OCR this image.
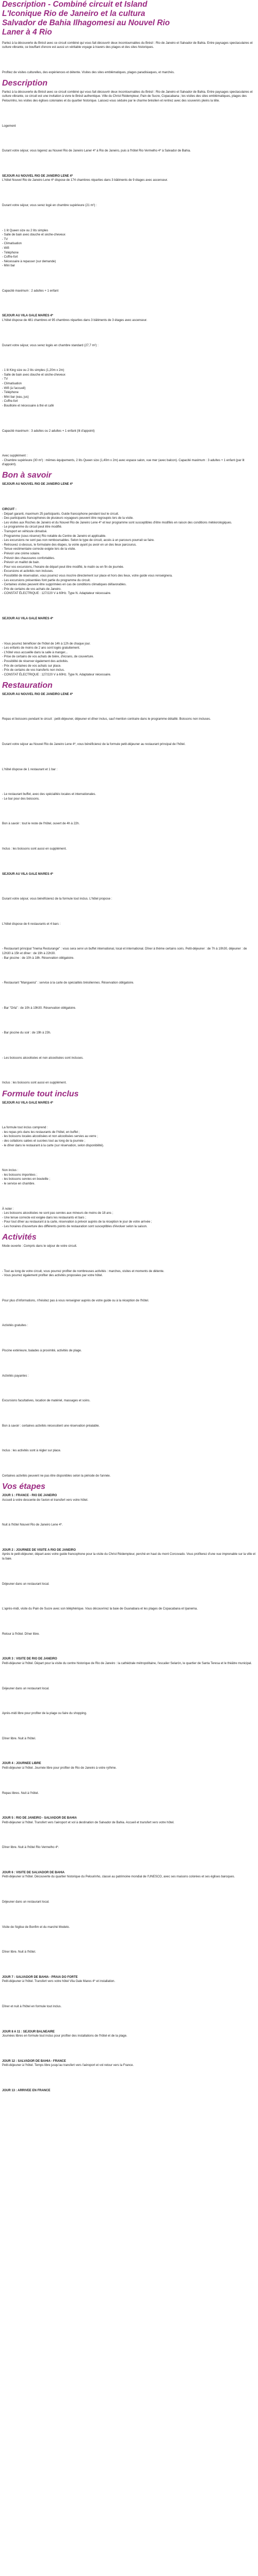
Description - Combiné circuit et Island

L'Iconique Rio de Janeiro et la cultura

Salvador de Bahia Ilhagomesi au Nouvel Rio

Laner à 4 Rio

Partez à la découverte du Brésil avec ce circuit combiné qui vous fait découvrir deux incontournables du Brésil : Rio de Janeiro et Salvador de Bahia. Entre paysages spectaculaires et culture vibrante, ce bouffant d'encre est aussi un véritable voyage à travers des plages et des sites historiques.

Profitez de visites culturelles, des expériences et détente. Visites des sites emblématiques, plages paradisiaques, et marchés.

Description

Partez à la découverte du Brésil avec ce circuit combiné qui vous fait découvrir deux incontournables du Brésil : Rio de Janeiro et Salvador de Bahia. Entre paysages spectaculaires et culture vibrante, ce circuit est une invitation à vivre le Brésil authentique. Ville du Christ Rédempteur, Pain de Sucre, Copacabana ; les visites des sites emblématiques, plages des Pelourinho, les visites des églises coloniales et du quartier historique. Laissez-vous séduire par le charme brésilien et rentrez avec des souvenirs pleins la tête.

Logement

Durant votre séjour, vous logerez au Nouvel Rio de Janeiro Laner 4* à Rio de Janeiro, puis à l'hôtel Rio Vermelho 4* à Salvador de Bahia.

SEJOUR AU NOUVEL RIO DE JANEIRO LENE 4*

L'hôtel Nouvel Rio de Janeiro Lene 4* dispose de 174 chambres réparties dans 3 bâtiments de 9 étages avec ascenseur.

Durant votre séjour, vous serez logé en chambre supérieure (21 m²) :

- 1 lit Queen size ou 2 lits simples

- Salle de bain avec douche et sèche-cheveux

- TV

- Climatisation

- Wifi

- Téléphone

- Coffre-fort

- Nécessaire à repasser (sur demande)

- Mini bar

Capacité maximum : 2 adultes + 1 enfant

SEJOUR AU VILA GALE MARES 4*

L'hôtel dispose de 481 chambres et 95 chambres réparties dans 3 bâtiments de 3 étages avec ascenseur.

Durant votre séjour, vous serez logés en chambre standard (27,7 m²) :

- 1 lit King size ou 2 lits simples (1,20m x 2m)

- Salle de bain avec douche et sèche-cheveux

- TV

- Climatisation

- Wifi (à l'accueil)

- Téléphone

- Mini bar (eau, jus)

- Coffre-fort

- Bouilloire et nécessaire à thé et café

Capacité maximum : 3 adultes ou 2 adultes + 1 enfant (lit d'appoint)

Avec supplément :

- Chambre supérieure (30 m²) : mêmes équipements, 2 lits Queen size (1,40m x 2m) avec espace salon, vue mer (avec balcon). Capacité maximum : 3 adultes + 1 enfant (par lit d'appoint).

Bon à savoir

SEJOUR AU NOUVEL RIO DE JANEIRO LENE 4*

CIRCUIT :

- Départ garanti, maximum 25 participants. Guide francophone pendant tout le circuit.

- Des participants francophones de plusieurs voyageurs peuvent être regroupés lors de la visite.

- Les visites aux Roches de Janeiro et du Nouvel Rio de Janeiro Lene 4* et leur programme sont susceptibles d'être modifiés en raison des conditions météorologiques.

- Le programme du circuit peut être modifié.

- Transport en véhicule climatisé.

- Programme (sous réserve) Rio notable du Centre de Janeiro et applicable.

- Les excursions ne sont pas non remboursables. Selon le type de circuit, accès à un parcours pourrait se faire.

- Retrouvez ci-dessus, le formulaire des étapes, la voirie ayant pu avoir en un des lieux parcourus.

- Tenue vestimentaire correcte exigée lors de la visite.

- Prévoir une crème solaire.

- Prévoir des chaussures confortables.

- Prévoir un maillot de bain.

- Pour vos excursions, l'horaire de départ peut être modifié, le matin ou en fin de journée.

- Excursions et activités non incluses.

- Possibilité de réservation, vous pourrez vous inscrire directement sur place et hors des lieux, votre guide vous renseignera.

- Les excursions présentées font partie du programme du circuit.

- Certaines visites peuvent être supprimées en cas de conditions climatiques défavorables.

- Prix de certains de vos achats de Janeiro.

- CONSTAT ÉLECTRIQUE : 127/220 V à 60Hz. Type N. Adaptateur nécessaire.

SEJOUR AU VILA GALE MARES 4*

- Vous pourrez bénéficier de l'hôtel de 14h à 12h de chaque jour.

- Les enfants de moins de 2 ans sont logés gratuitement.

- L'hôtel vous accueille dans la salle à manger...

- Prise de certains de vos achats de bière, d'écrans, de couverture.

- Possibilité de réserver également des activités.

- Prix de certaines de vos achats sur place.

- Prix de certains de vos transferts non inclus.

- CONSTAT ÉLECTRIQUE : 127/220 V à 60Hz. Type N. Adaptateur nécessaire.

Restauration

SEJOUR AU NOUVEL RIO DE JANEIRO LENE 4*

Repas et boissons pendant le circuit : petit-déjeuner, déjeuner et dîner inclus, sauf mention contraire dans le programme détaillé. Boissons non incluses.

Durant votre séjour au Nouvel Rio de Janeiro Lene 4*, vous bénéficierez de la formule petit-déjeuner au restaurant principal de l'hôtel.

L'hôtel dispose de 1 restaurant et 1 bar :

- Le restaurant buffet, avec des spécialités locales et internationales.

- Le bar pour des boissons.

Bon à savoir : tout le reste de l'hôtel, ouvert de 4h à 22h.

Inclus : les boissons sont aussi en supplément.

SEJOUR AU VILA GALE MARES 4*

Durant votre séjour, vous bénéficierez de la formule tout inclus. L'hôtel propose :

L'hôtel dispose de 6 restaurants et 4 bars :

- Restaurant principal "Inema Resturange" : vous sera servi un buffet international, local et international. Dîner à thème certains soirs. Petit-déjeuner : de 7h à 10h30, déjeuner : de 12h30 à 15h et dîner : de 19h à 22h30.

- Bar piscine : de 10h à 18h. Réservation obligatoire.

- Restaurant "Mangueira" : service à la carte de spécialités brésiliennes. Réservation obligatoire.

- Bar "Orla" : de 10h à 19h30. Réservation obligatoire.

- Bar piscine du soir : de 19h à 23h.

- Les boissons alcoolisées et non alcoolisées sont incluses.

Inclus : les boissons sont aussi en supplément.

Formule tout inclus

SEJOUR AU VILA GALE MARES 4*

La formule tout inclus comprend :

- les repas pris dans les restaurants de l'hôtel, en buffet ;

- les boissons locales alcoolisées et non alcoolisées servies au verre ;

- des collations salées et sucrées tout au long de la journée ;

- le dîner dans le restaurant à la carte (sur réservation, selon disponibilité).

Non inclus :

- les boissons importées ;

- les boissons servies en bouteille ;

- le service en chambre.

À noter :

- Les boissons alcoolisées ne sont pas servies aux mineurs de moins de 18 ans ;

- Une tenue correcte est exigée dans les restaurants et bars ;

- Pour tout dîner au restaurant à la carte, réservation à prévoir auprès de la réception le jour de votre arrivée ;

- Les horaires d'ouverture des différents points de restauration sont susceptibles d'évoluer selon la saison.

Activités

Mode ouverte : Compris dans le séjour de votre circuit.

- Tout au long de votre circuit, vous pourrez profiter de nombreuses activités : marches, visites et moments de détente.

- Vous pourrez également profiter des activités proposées par votre hôtel.

Pour plus d'informations, n'hésitez pas à vous renseigner auprès de votre guide ou à la réception de l'hôtel.

Activités gratuites :

Piscine extérieure, balades à proximité, activités de plage.

Activités payantes :

Excursions facultatives, location de matériel, massages et soins.

Bon à savoir : certaines activités nécessitent une réservation préalable.

Inclus : les activités sont à régler sur place.

Certaines activités peuvent ne pas être disponibles selon la période de l'année.

Vos étapes

JOUR 1 : FRANCE - RIO DE JANEIRO

Accueil à votre descente de l'avion et transfert vers votre hôtel.

Nuit à l'hôtel Nouvel Rio de Janeiro Lene 4*.

JOUR 2 : JOURNEE DE VISITE A RIO DE JANEIRO

Après le petit-déjeuner, départ avec votre guide francophone pour la visite du Christ Rédempteur, perché en haut du mont Corcovado. Vous profiterez d'une vue imprenable sur la ville et la baie.

Déjeuner dans un restaurant local.

L'après-midi, visite du Pain de Sucre avec son téléphérique. Vous découvrirez la baie de Guanabara et les plages de Copacabana et Ipanema.

Retour à l'hôtel. Dîner libre.

JOUR 3 : VISITE DE RIO DE JANEIRO

Petit-déjeuner à l'hôtel. Départ pour la visite du centre historique de Rio de Janeiro : la cathédrale métropolitaine, l'escalier Selarón, le quartier de Santa Teresa et le théâtre municipal.

Déjeuner dans un restaurant local.

Après-midi libre pour profiter de la plage ou faire du shopping.

Dîner libre. Nuit à l'hôtel.

JOUR 4 : JOURNEE LIBRE

Petit-déjeuner à l'hôtel. Journée libre pour profiter de Rio de Janeiro à votre rythme.

Repas libres. Nuit à l'hôtel.

JOUR 5 : RIO DE JANEIRO - SALVADOR DE BAHIA

Petit-déjeuner à l'hôtel. Transfert vers l'aéroport et vol à destination de Salvador de Bahia. Accueil et transfert vers votre hôtel.

Dîner libre. Nuit à l'hôtel Rio Vermelho 4*.

JOUR 6 : VISITE DE SALVADOR DE BAHIA

Petit-déjeuner à l'hôtel. Découverte du quartier historique du Pelourinho, classé au patrimoine mondial de l'UNESCO, avec ses maisons colorées et ses églises baroques.

Déjeuner dans un restaurant local.

Visite de l'église de Bonfim et du marché Modelo.

Dîner libre. Nuit à l'hôtel.

JOUR 7 : SALVADOR DE BAHIA - PRAIA DO FORTE

Petit-déjeuner à l'hôtel. Transfert vers votre hôtel Vila Gale Mares 4* et installation.

Dîner et nuit à l'hôtel en formule tout inclus.

JOUR 8 A 11 : SEJOUR BALNEAIRE

Journées libres en formule tout inclus pour profiter des installations de l'hôtel et de la plage.

JOUR 12 : SALVADOR DE BAHIA - FRANCE

Petit-déjeuner à l'hôtel. Temps libre jusqu'au transfert vers l'aéroport et vol retour vers la France.

JOUR 13 : ARRIVEE EN FRANCE
